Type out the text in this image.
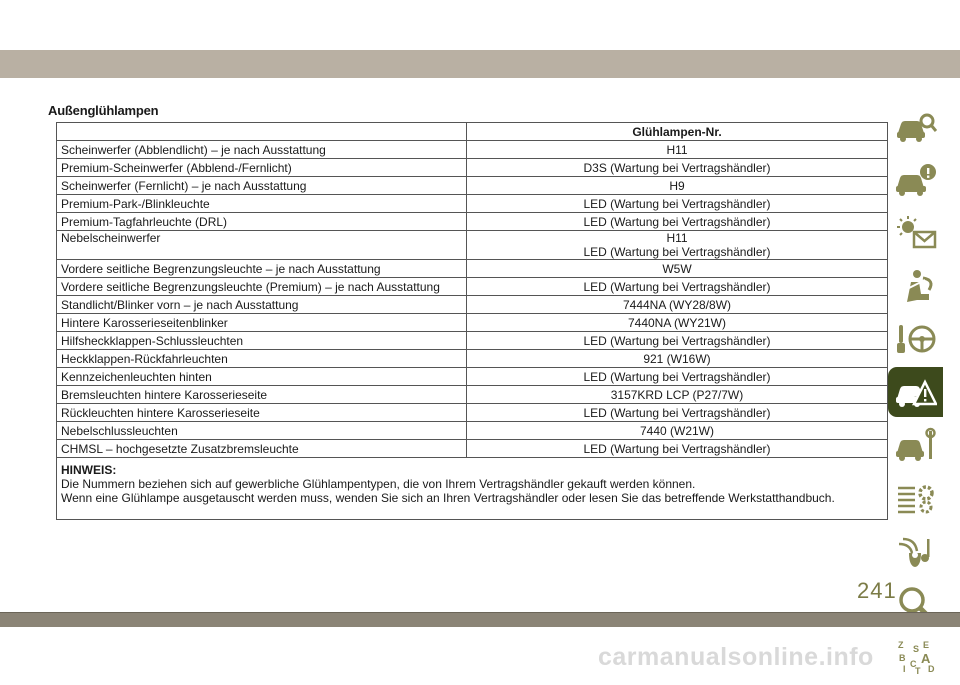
Außenglühlampen
	Glühlampen-Nr.
Scheinwerfer (Abblendlicht) – je nach Ausstattung	H11

Premium-Scheinwerfer (Abblend-/Fernlicht)	D3S (Wartung bei Vertragshändler)

Scheinwerfer (Fernlicht) – je nach Ausstattung	H9

Premium-Park-/Blinkleuchte	LED (Wartung bei Vertragshändler)

Premium-Tagfahrleuchte (DRL)	LED (Wartung bei Vertragshändler)

Nebelscheinwerfer	H11
LED (Wartung bei Vertragshändler)

Vordere seitliche Begrenzungsleuchte – je nach Ausstattung	W5W

Vordere seitliche Begrenzungsleuchte (Premium) – je nach Ausstattung	LED (Wartung bei Vertragshändler)

Standlicht/Blinker vorn – je nach Ausstattung	7444NA (WY28/8W)

Hintere Karosserieseitenblinker	7440NA (WY21W)

Hilfsheckklappen-Schlussleuchten	LED (Wartung bei Vertragshändler)

Heckklappen-Rückfahrleuchten	921 (W16W)

Kennzeichenleuchten hinten	LED (Wartung bei Vertragshändler)

Bremsleuchten hintere Karosserieseite	3157KRD LCP (P27/7W)

Rückleuchten hintere Karosserieseite	LED (Wartung bei Vertragshändler)

Nebelschlussleuchten	7440 (W21W)

CHMSL – hochgesetzte Zusatzbremsleuchte	LED (Wartung bei Vertragshändler)

HINWEIS:
Die Nummern beziehen sich auf gewerbliche Glühlampentypen, die von Ihrem Vertragshändler gekauft werden können.
Wenn eine Glühlampe ausgetauscht werden muss, wenden Sie sich an Ihren Vertragshändler oder lesen Sie das betreffende Werkstatthandbuch.	
Z E
S
B A
D
I C
T
241
carmanualsonline.info
